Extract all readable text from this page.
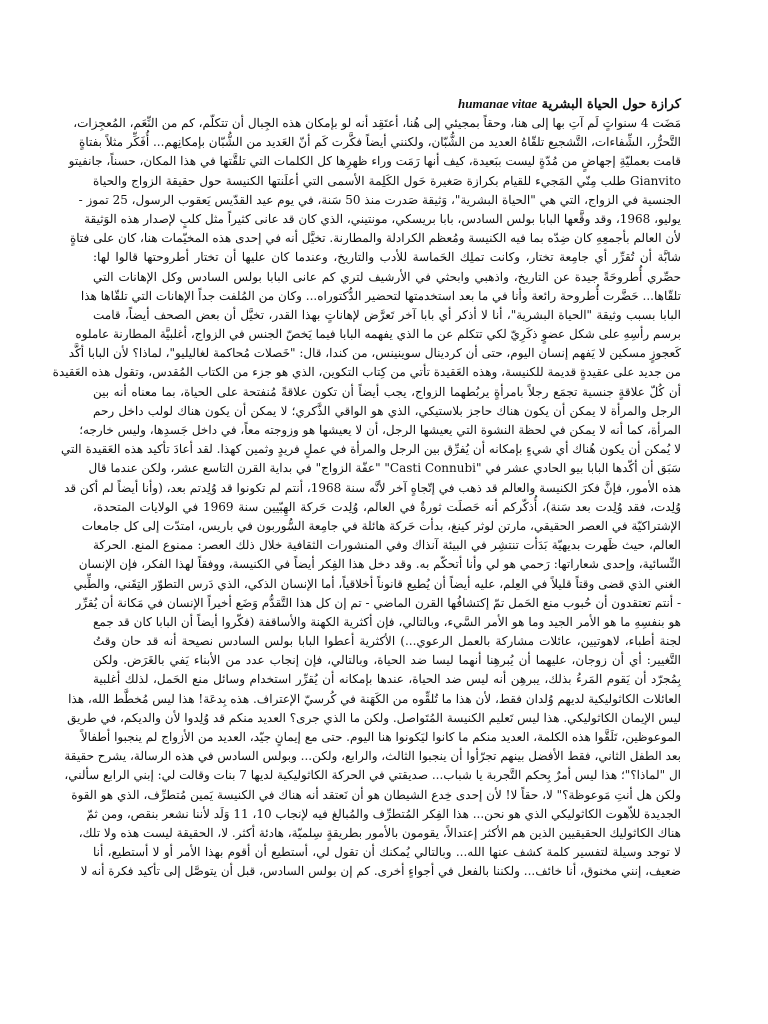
كرازة حول الحياة البشرية humanae vitae
مَضَت 4 سنواتٍ لَم آتِ بها إلى هنا، وحقاً بمجيئي إلى هُنا، أعتَقِد أنه لو بإمكان هذه الجِبال أن تتكلّم، كم من النِّعَم، المُعجِزات،
التَّحرُّر، الشِّفاءات، التَّشجيع تلقّاهُ العديد من الشُّبّان، ولكنني أيضاً فكَّرت كَم أنّ العَديد من الشُّبّان بإمكانِهم... أُفَكِّر مثلاً بفتاةٍ
قامت بعمليّةِ إجهاضٍ من مُدّةٍ ليست ببَعيدة، كيف أنها رَمَت وراء ظهرِها كل الكلمات التي تلقَّتها في هذا المكان، حسناً، جانفيتو
Gianvito طلب مِنّي المَجيء للقيام بكرازة صَغيرة حَول الكَلِمة الأسمى التي أعلَنتها الكنيسة حول حقيقة الزواج والحياة
الجنسية في الزواج، التي هي "الحياة البشرية"، وَثيقة صَدرت منذ 50 سَنة، في يوم عيد القدّيس يَعقوب الرسول، 25 تموز -
يوليو، 1968، وقد وقَّعها البابا بولس السادس، بابا بريسكي، مونتيني، الذي كان قد عانى كثيراً مثل كلبٍ لإصدار هذه الوَثيقة
لأن العالم بأجمعِهِ كان ضِدّه بما فيه الكنيسة ومُعظم الكرادلة والمطارنة. تخيَّل أنه في إحدى هذه المخيّمات هنا، كان على فتاةٍ
شابَّة أن تُقرِّر أي جامِعة تختار، وكانت تملِك الحَماسة للأدب والتاريخ، وعندما كان عليها أن تختار أطروحتها قالوا لها:
حصِّري أُطروحَةً جيدة عن التاريخ، واذهبي وابحثي في الأرشيف لتري كم عانى البابا بولس السادس وكل الإهانات التي
تلقّاها... حَضَّرت أُطروحة رائعة وأنا في ما بعد استخدمتها لتحضير الدُّكتوراه... وكان من المُلفت جداً الإهانات التي تلقّاها هذا
البابا بسبب وثيقة "الحياة البشرية"، أنا لا أذكر أي بابا آخر تَعرَّض لإهاناتٍ بهذا القدر، تخيَّل أن بعض الصحف أيضاً، قامت
برسم رأسِهِ على شكل عضوٍ ذكَرِيّ لكي تتكلم عن ما الذي يفهمه البابا فيما يَخصّ الجنس في الزواج، أغلبيَّة المطارنة عاملوه
كَعجوزٍ مسكين لا يَفهم إنسان اليوم، حتى أن كردينال سوينينس، من كندا، قال: "خَصلات مُحاكمة لغاليليو"، لماذا؟ لأن البابا أكَّد
من جديد على عقيدةٍ قديمة للكنيسة، وهذه العَقيدة تأتي من كِتاب التكوين، الذي هو جزء من الكتاب المُقدس، وتقول هذه العَقيدة
أن كُلّ علاقةٍ جنسية تجمَع رجلاً بامرأةٍ يربُطهما الزواج، يجب أيضاً أن تكون علاقةً مُنفتحة على الحياة، بما معناه أنه بين
الرجل والمرأة لا يمكن أن يكون هناك حاجز بلاستيكي، الذي هو الواقي الذَّكري؛ لا يمكن أن يكون هناك لولب داخل رحم
المرأة، كما أنه لا يمكن في لحظة النشوة التي يعيشها الرجل، أن لا يعيشها هو وزوجته معاً، في داخل جَسدِها، وليس خارجه؛
لا يُمكن أن يكون هُناك أي شيءٍ بإمكانه أن يُفرِّق بين الرجل والمرأة في عملٍ فريدٍ وثمين كهذا. لقد أعادَ تأكيد هذه العَقيدة التي
سَبَق أن أكّدها البابا بيو الحادي عشر في "Casti Connubi" "عفّة الزواج" في بداية القرن التاسع عشر، ولكن عندما قال
هذه الأمور، فإنَّ فكرَ الكنيسة والعالم قد ذهب في إتّجاهٍ آخر لأنَّه سنة 1968، أنتم لم تكونوا قد وُلِدتم بعد، (وأنا أيضاً لم أكن قد
وُلِدت، فقد وُلِدت بعد سَنة)، أُذكّركم أنه حَصلَت ثورةٌ في العالم، وُلِدت حَركة الهِبّيين سنة 1969 في الولايات المتحدة،
الإشتراكيّة في العصر الحقيقي، مارتن لوثر كينغ، بدأت حَركة هائلة في جامِعة السُّوربون في باريس، امتدّت إلى كل جامعات
العالم، حيث ظَهرت بديهيّة بَدَأت تنتشِر في البيئة آنذاك وفي المنشورات الثقافية خلال ذلك العصر: ممنوع المنع. الحركة
النِّسائية، وإحدى شعاراتها: رَحمي هو لي وأنا أتحكّم به. وقد دخل هذا الفِكر أيضاً في الكنيسة، ووفقاً لهذا الفكر، فإن الإنسان
الغني الذي قضى وقتاً قليلاً في العِلم، عليه أيضاً أن يُطيع قانوناً أخلاقياً، أما الإنسان الذكي، الذي دَرس التطوّر التِقَني، والطِّبي
- أنتم تعتقدون أن حُبوب منع الحَمل تمّ إكتشافُها القرن الماضي - تم إن كل هذا التَّقدُّم وَضَع أخيراً الإنسان في مَكانة أن يُقرِّر
هو بنفسِهِ ما هو الأمر الجيد وما هو الأمر السَّيء، وبالتالي، فإن أكثرية الكهنة والأساقفة (فكّروا أيضاً أن البابا كان قد جمع
لجنة أطباء، لاهوتيين، عائلات مشاركة بالعمل الرعوي...) الأكثرية أعطوا البابا بولس السادس نصيحة أنه قد حان وقتُ
التَّغيير: أي أن زوجان، عليهما أن يُبرهِنا أنهما ليسا ضد الحياة، وبالتالي، فإن إنجاب عدد من الأبناء يَفي بالغَرَض. ولكن
بِمُجرّد أن يَقوم المَرءُ بذلك، يبرهِن أنه ليس ضد الحياة، عندها بإمكانه أن يُقرِّر استخدام وسائل منع الحَمل، لذلك أغلبية
العائلات الكاثوليكية لديهم وُلدان فقط، لأن هذا ما تُلقِّوه من الكَهَنة في كُرسيّ الإعتراف. هذه بِدعَة! هذا ليس مُخطَّط الله، هذا
ليس الإيمان الكاثوليكي. هذا ليس تَعليم الكنيسة المُتَواصل. ولكن ما الذي جرى؟ العديد منكم قد وُلِدوا لأن والديكم، في طريق
الموعوظين، تَلَقَّوا هذه الكلمة، العديد منكم ما كانوا ليَكونوا هنا اليوم. حتى مع إيمانٍ جيّد، العديد من الأزواج لم ينجبوا أطفالاً
بعد الطفل الثاني، فقط الأفضل بينهم تجرّأوا أن ينجبوا الثالث، والرابع، ولكن... وبولس السادس في هذه الرسالة، يشرح حقيقة
ال "لماذا؟"؛ هذا ليس أمرٌ بِحكم التَّجربة يا شباب... صديقتي في الحركة الكاثوليكية لديها 7 بنات وقالت لي: إبني الرابع سألني،
ولكن هل أنتِ مَوعوظة؟" لا، حقاً لا! لأن إحدى خِدع الشيطان هو أن نَعتقد أنه هناك في الكنيسة يَمين مُتطرِّف، الذي هو القوة
الجديدة للاّهوت الكاثوليكي الذي هو نحن... هذا الفِكر المُتطرِّف والمُبالغ فيه لإنجاب 10، 11 وَلَد لأننا نشعر بنقص، ومن ثمّ
هناك الكاثوليك الحقيقيين الذين هم الأكثر إعتدالاً، يقومون بالأمور بطريقةٍ سِلميّة، هادئة أكثر. لا، الحقيقة ليست هذه ولا تلك،
لا توجد وسيلة لتفسير كلمة كشف عنها الله... وبالتالي يُمكنك أن تقول لي، أستطيع أن أقوم بهذا الأمر أو لا أستطيع، أنا
ضعيف، إنني مخنوق، أنا خائف... ولكننا بالفعل في أجواءٍ أخرى. كم إن بولس السادس، قبل أن يتوصَّل إلى تأكيد فكرة أنه لا
